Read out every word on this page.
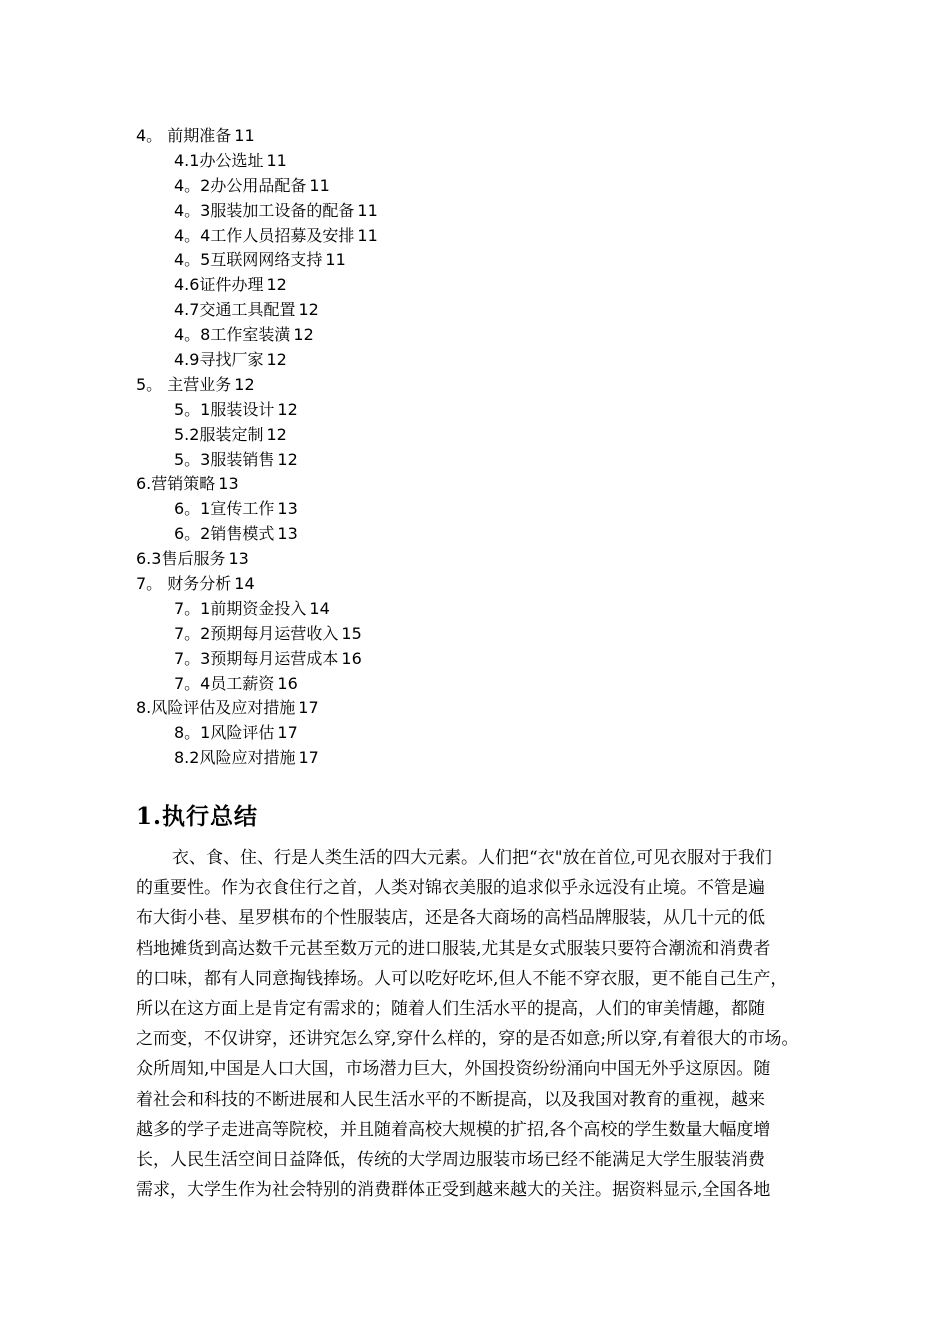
4。 前期准备 11
4.1办公选址 11
4。2办公用品配备 11
4。3服装加工设备的配备 11
4。4工作人员招募及安排 11
4。5互联网网络支持 11
4.6证件办理 12
4.7交通工具配置 12
4。8工作室装潢 12
4.9寻找厂家 12
5。 主营业务 12
5。1服装设计 12
5.2服装定制 12
5。3服装销售 12
6.营销策略 13
6。1宣传工作 13
6。2销售模式 13
6.3售后服务 13
7。 财务分析 14
7。1前期资金投入 14
7。2预期每月运营收入 15
7。3预期每月运营成本 16
7。4员工薪资 16
8.风险评估及应对措施 17
8。1风险评估 17
8.2风险应对措施 17
1.执行总结
衣、食、住、行是人类生活的四大元素。人们把“衣"放在首位,可见衣服对于我们
的重要性。作为衣食住行之首，人类对锦衣美服的追求似乎永远没有止境。不管是遍
布大街小巷、星罗棋布的个性服装店，还是各大商场的高档品牌服装，从几十元的低
档地摊货到高达数千元甚至数万元的进口服装,尤其是女式服装只要符合潮流和消费者
的口味，都有人同意掏钱捧场。人可以吃好吃坏,但人不能不穿衣服，更不能自己生产，
所以在这方面上是肯定有需求的；随着人们生活水平的提高，人们的审美情趣，都随
之而变，不仅讲穿，还讲究怎么穿,穿什么样的，穿的是否如意;所以穿,有着很大的市场。
众所周知,中国是人口大国，市场潜力巨大，外国投资纷纷涌向中国无外乎这原因。随
着社会和科技的不断进展和人民生活水平的不断提高，以及我国对教育的重视，越来
越多的学子走进高等院校，并且随着高校大规模的扩招,各个高校的学生数量大幅度增
长，人民生活空间日益降低，传统的大学周边服装市场已经不能满足大学生服装消费
需求，大学生作为社会特别的消费群体正受到越来越大的关注。据资料显示,全国各地
